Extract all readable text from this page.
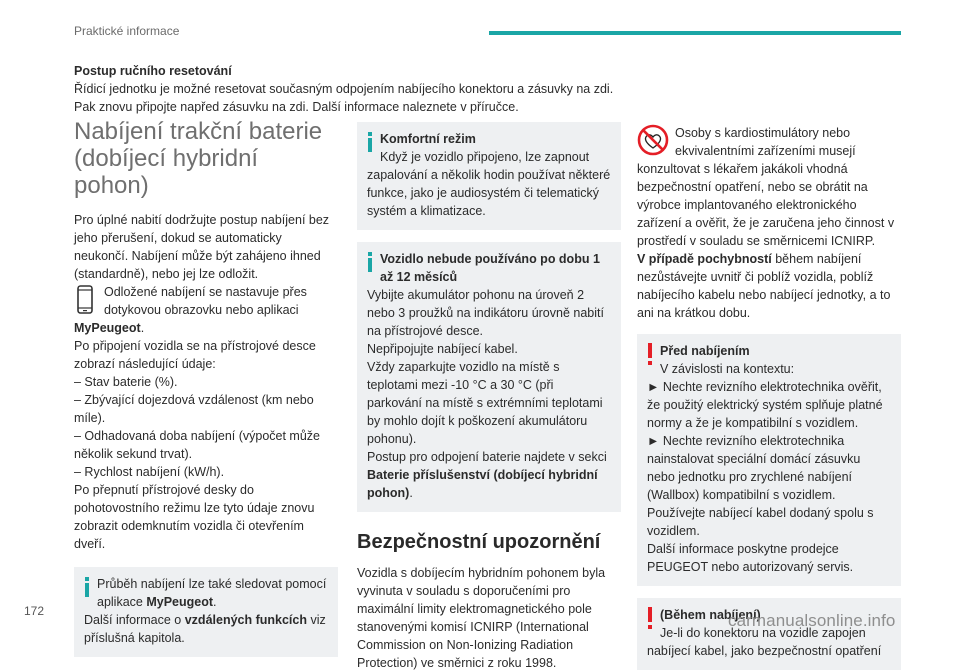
Praktické informace

Postup ručního resetování

Řídicí jednotku je možné resetovat současným odpojením nabíjecího konektoru a zásuvky na zdi.

Pak znovu připojte napřed zásuvku na zdi. Další informace naleznete v příručce.

Nabíjení trakční baterie (dobíjecí hybridní pohon)

Pro úplné nabití dodržujte postup nabíjení bez jeho přerušení, dokud se automaticky neukončí. Nabíjení může být zahájeno ihned (standardně), nebo jej lze odložit.

Odložené nabíjení se nastavuje přes dotykovou obrazovku nebo aplikaci
MyPeugeot.

Po připojení vozidla se na přístrojové desce zobrazí následující údaje:

– Stav baterie (%).

– Zbývající dojezdová vzdálenost (km nebo míle).

– Odhadovaná doba nabíjení (výpočet může několik sekund trvat).

– Rychlost nabíjení (kW/h).

Po přepnutí přístrojové desky do pohotovostního režimu lze tyto údaje znovu zobrazit odemknutím vozidla či otevřením dveří.

Průběh nabíjení lze také sledovat pomocí aplikace MyPeugeot.

Další informace o vzdálených funkcích viz příslušná kapitola.

Komfortní režim

Když je vozidlo připojeno, lze zapnout zapalování a několik hodin používat některé funkce, jako je audiosystém či telematický systém a klimatizace.

Vozidlo nebude používáno po dobu 1

až 12 měsíců

Vybijte akumulátor pohonu na úroveň 2 nebo 3 proužků na indikátoru úrovně nabití na přístrojové desce.

Nepřipojujte nabíjecí kabel.

Vždy zaparkujte vozidlo na místě s teplotami mezi -10 °C a 30 °C (při parkování na místě s extrémními teplotami by mohlo dojít k poškození akumulátoru pohonu).

Postup pro odpojení baterie najdete v sekci

Baterie příslušenství (dobíjecí hybridní pohon).

Bezpečnostní upozornění

Vozidla s dobíjecím hybridním pohonem byla vyvinuta v souladu s doporučeními pro maximální limity elektromagnetického pole stanovenými komisí ICNIRP (International Commission on Non-Ionizing Radiation Protection) ve směrnici z roku 1998.

Osoby s kardiostimulátory nebo ekvivalentními zařízeními musejí konzultovat s lékařem jakákoli vhodná bezpečnostní opatření, nebo se obrátit na výrobce implantovaného elektronického zařízení a ověřit, že je zaručena jeho činnost v prostředí v souladu se směrnicemi ICNIRP.

V případě pochybností během nabíjení nezůstávejte uvnitř či poblíž vozidla, poblíž nabíjecího kabelu nebo nabíjecí jednotky, a to ani na krátkou dobu.

Před nabíjením

V závislosti na kontextu:

► Nechte revizního elektrotechnika ověřit, že použitý elektrický systém splňuje platné normy a že je kompatibilní s vozidlem.

► Nechte revizního elektrotechnika nainstalovat speciální domácí zásuvku nebo jednotku pro zrychlené nabíjení (Wallbox) kompatibilní s vozidlem.

Používejte nabíjecí kabel dodaný spolu s vozidlem.

Další informace poskytne prodejce PEUGEOT nebo autorizovaný servis.

(Během nabíjení)

Je-li do konektoru na vozidle zapojen nabíjecí kabel, jako bezpečnostní opatření

172	carmanualsonline.info
